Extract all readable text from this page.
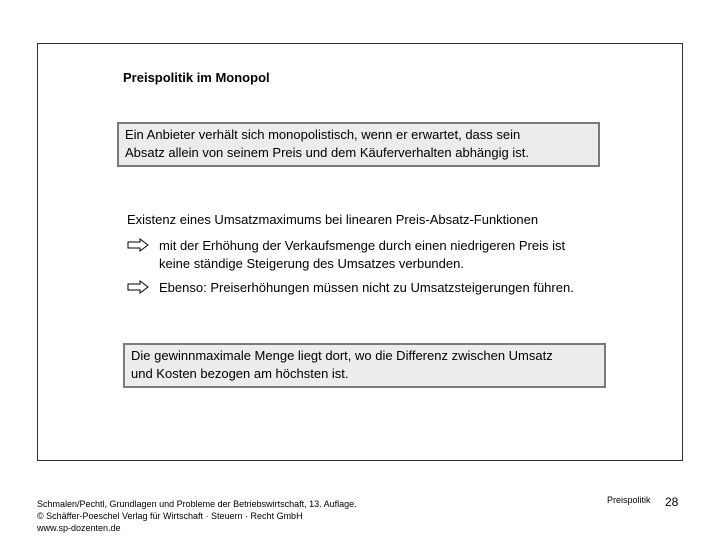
Preispolitik im Monopol
Ein Anbieter verhält sich monopolistisch, wenn er erwartet, dass sein
Absatz allein von seinem Preis und dem Käuferverhalten abhängig ist.
Existenz eines Umsatzmaximums bei linearen Preis-Absatz-Funktionen
mit der Erhöhung der Verkaufsmenge durch einen niedrigeren Preis ist
keine ständige Steigerung des Umsatzes verbunden.
Ebenso: Preiserhöhungen müssen nicht zu Umsatzsteigerungen führen.
Die gewinnmaximale Menge liegt dort, wo die Differenz zwischen Umsatz
und Kosten bezogen am höchsten ist.
Schmalen/Pechtl, Grundlagen und Probleme der Betriebswirtschaft, 13. Auflage.
© Schäffer-Poeschel Verlag für Wirtschaft · Steuern · Recht GmbH
www.sp-dozenten.de
Preispolitik 28
